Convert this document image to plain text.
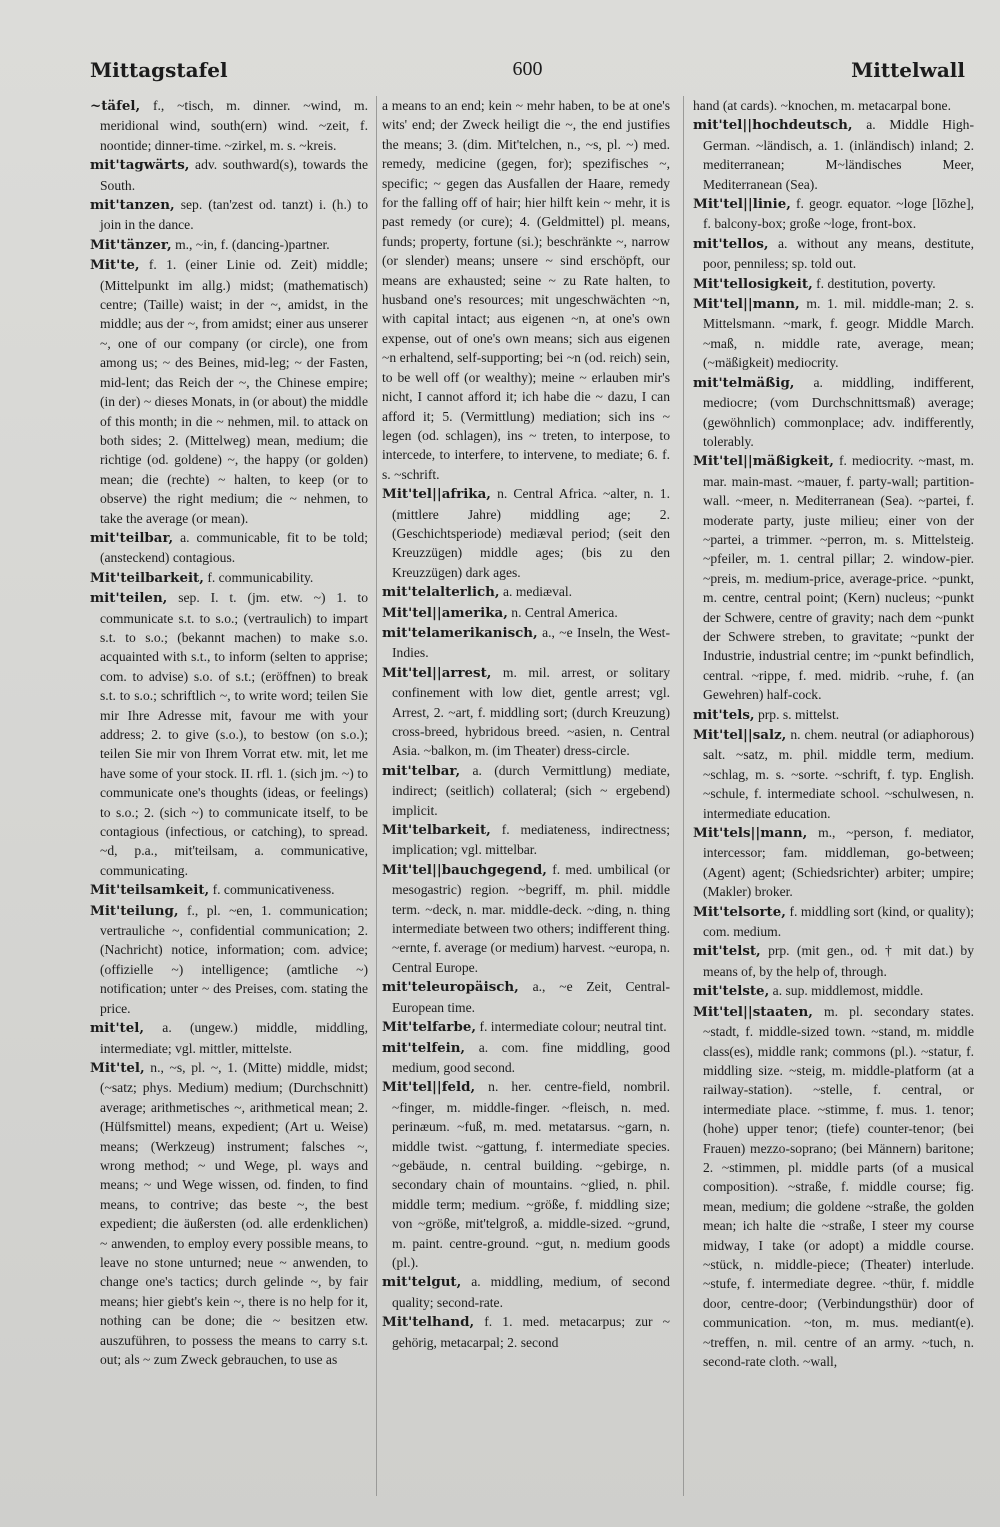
Mittagstafel	600	Mittelwall

~täfel, f., ~tisch, m. dinner. ~wind, m. meridional wind, south(ern) wind. ~zeit, f. noontide; dinner-time. ~zirkel, m. s. ~kreis.

mit'tagwärts, adv. southward(s), towards the South.

mit'tanzen, sep. (tan'zest od. tanzt) i. (h.) to join in the dance.

Mit'tänzer, m., ~in, f. (dancing-)partner.

Mit'te, f. 1. (einer Linie od. Zeit) middle; (Mittelpunkt im allg.) midst; (mathematisch) centre; (Taille) waist; in der ~, amidst, in the middle; aus der ~, from amidst; einer aus unserer ~, one of our company (or circle), one from among us; ~ des Beines, mid-leg; ~ der Fasten, mid-lent; das Reich der ~, the Chinese empire; (in der) ~ dieses Monats, in (or about) the middle of this month; in die ~ nehmen, mil. to attack on both sides; 2. (Mittelweg) mean, medium; die richtige (od. goldene) ~, the happy (or golden) mean; die (rechte) ~ halten, to keep (or to observe) the right medium; die ~ nehmen, to take the average (or mean).

mit'teilbar, a. communicable, fit to be told; (ansteckend) contagious.

Mit'teilbarkeit, f. communicability.

mit'teilen, sep. I. t. (jm. etw. ~) 1. to communicate s.t. to s.o.; (vertraulich) to impart s.t. to s.o.; (bekannt machen) to make s.o. acquainted with s.t., to inform (selten to apprise; com. to advise) s.o. of s.t.; (eröffnen) to break s.t. to s.o.; schriftlich ~, to write word; teilen Sie mir Ihre Adresse mit, favour me with your address; 2. to give (s.o.), to bestow (on s.o.); teilen Sie mir von Ihrem Vorrat etw. mit, let me have some of your stock. II. rfl. 1. (sich jm. ~) to communicate one's thoughts (ideas, or feelings) to s.o.; 2. (sich ~) to communicate itself, to be contagious (infectious, or catching), to spread. ~d, p.a., mit'teilsam, a. communicative, communicating.

Mit'teilsamkeit, f. communicativeness.

Mit'teilung, f., pl. ~en, 1. communication; vertrauliche ~, confidential communication; 2. (Nachricht) notice, information; com. advice; (offizielle ~) intelligence; (amtliche ~) notification; unter ~ des Preises, com. stating the price.

mit'tel, a. (ungew.) middle, middling, intermediate; vgl. mittler, mittelste.

Mit'tel, n., ~s, pl. ~, 1. (Mitte) middle, midst; (~satz; phys. Medium) medium; (Durchschnitt) average; arithmetisches ~, arithmetical mean; 2. (Hülfsmittel) means, expedient; (Art u. Weise) means; (Werkzeug) instrument; falsches ~, wrong method; ~ und Wege, pl. ways and means; ~ und Wege wissen, od. finden, to find means, to contrive; das beste ~, the best expedient; die äußersten (od. alle erdenklichen) ~ anwenden, to employ every possible means, to leave no stone unturned; neue ~ anwenden, to change one's tactics; durch gelinde ~, by fair means; hier giebt's kein ~, there is no help for it, nothing can be done; die ~ besitzen etw. auszuführen, to possess the means to carry s.t. out; als ~ zum Zweck gebrauchen, to use as

a means to an end; kein ~ mehr haben, to be at one's wits' end; der Zweck heiligt die ~, the end justifies the means; 3. (dim. Mit'telchen, n., ~s, pl. ~) med. remedy, medicine (gegen, for); spezifisches ~, specific; ~ gegen das Ausfallen der Haare, remedy for the falling off of hair; hier hilft kein ~ mehr, it is past remedy (or cure); 4. (Geldmittel) pl. means, funds; property, fortune (si.); beschränkte ~, narrow (or slender) means; unsere ~ sind erschöpft, our means are exhausted; seine ~ zu Rate halten, to husband one's resources; mit ungeschwächten ~n, with capital intact; aus eigenen ~n, at one's own expense, out of one's own means; sich aus eigenen ~n erhaltend, self-supporting; bei ~n (od. reich) sein, to be well off (or wealthy); meine ~ erlauben mir's nicht, I cannot afford it; ich habe die ~ dazu, I can afford it; 5. (Vermittlung) mediation; sich ins ~ legen (od. schlagen), ins ~ treten, to interpose, to intercede, to interfere, to intervene, to mediate; 6. f. s. ~schrift.

Mit'tel||afrika, n. Central Africa. ~alter, n. 1. (mittlere Jahre) middling age; 2. (Geschichtsperiode) mediæval period; (seit den Kreuzzügen) middle ages; (bis zu den Kreuzzügen) dark ages.

mit'telalterlich, a. mediæval.

Mit'tel||amerika, n. Central America.

mit'telamerikanisch, a., ~e Inseln, the West-Indies.

Mit'tel||arrest, m. mil. arrest, or solitary confinement with low diet, gentle arrest; vgl. Arrest, 2. ~art, f. middling sort; (durch Kreuzung) cross-breed, hybridous breed. ~asien, n. Central Asia. ~balkon, m. (im Theater) dress-circle.

mit'telbar, a. (durch Vermittlung) mediate, indirect; (seitlich) collateral; (sich ~ ergebend) implicit.

Mit'telbarkeit, f. mediateness, indirectness; implication; vgl. mittelbar.

Mit'tel||bauchgegend, f. med. umbilical (or mesogastric) region. ~begriff, m. phil. middle term. ~deck, n. mar. middle-deck. ~ding, n. thing intermediate between two others; indifferent thing. ~ernte, f. average (or medium) harvest. ~europa, n. Central Europe.

mit'teleuropäisch, a., ~e Zeit, Central-European time.

Mit'telfarbe, f. intermediate colour; neutral tint.

mit'telfein, a. com. fine middling, good medium, good second.

Mit'tel||feld, n. her. centre-field, nombril. ~finger, m. middle-finger. ~fleisch, n. med. perinæum. ~fuß, m. med. metatarsus. ~garn, n. middle twist. ~gattung, f. intermediate species. ~gebäude, n. central building. ~gebirge, n. secondary chain of mountains. ~glied, n. phil. middle term; medium. ~größe, f. middling size; von ~größe, mit'telgroß, a. middle-sized. ~grund, m. paint. centre-ground. ~gut, n. medium goods (pl.).

mit'telgut, a. middling, medium, of second quality; second-rate.

Mit'telhand, f. 1. med. metacarpus; zur ~ gehörig, metacarpal; 2. second

hand (at cards). ~knochen, m. metacarpal bone.

mit'tel||hochdeutsch, a. Middle High-German. ~ländisch, a. 1. (inländisch) inland; 2. mediterranean; M~ländisches Meer, Mediterranean (Sea).

Mit'tel||linie, f. geogr. equator. ~loge [lōzhe], f. balcony-box; große ~loge, front-box.

mit'tellos, a. without any means, destitute, poor, penniless; sp. told out.

Mit'tellosigkeit, f. destitution, poverty.

Mit'tel||mann, m. 1. mil. middle-man; 2. s. Mittelsmann. ~mark, f. geogr. Middle March. ~maß, n. middle rate, average, mean; (~mäßigkeit) mediocrity.

mit'telmäßig, a. middling, indifferent, mediocre; (vom Durchschnittsmaß) average; (gewöhnlich) commonplace; adv. indifferently, tolerably.

Mit'tel||mäßigkeit, f. mediocrity. ~mast, m. mar. main-mast. ~mauer, f. party-wall; partition-wall. ~meer, n. Mediterranean (Sea). ~partei, f. moderate party, juste milieu; einer von der ~partei, a trimmer. ~perron, m. s. Mittelsteig. ~pfeiler, m. 1. central pillar; 2. window-pier. ~preis, m. medium-price, average-price. ~punkt, m. centre, central point; (Kern) nucleus; ~punkt der Schwere, centre of gravity; nach dem ~punkt der Schwere streben, to gravitate; ~punkt der Industrie, industrial centre; im ~punkt befindlich, central. ~rippe, f. med. midrib. ~ruhe, f. (an Gewehren) half-cock.

mit'tels, prp. s. mittelst.

Mit'tel||salz, n. chem. neutral (or adiaphorous) salt. ~satz, m. phil. middle term, medium. ~schlag, m. s. ~sorte. ~schrift, f. typ. English. ~schule, f. intermediate school. ~schulwesen, n. intermediate education.

Mit'tels||mann, m., ~person, f. mediator, intercessor; fam. middleman, go-between; (Agent) agent; (Schiedsrichter) arbiter; umpire; (Makler) broker.

Mit'telsorte, f. middling sort (kind, or quality); com. medium.

mit'telst, prp. (mit gen., od. † mit dat.) by means of, by the help of, through.

mit'telste, a. sup. middlemost, middle.

Mit'tel||staaten, m. pl. secondary states. ~stadt, f. middle-sized town. ~stand, m. middle class(es), middle rank; commons (pl.). ~statur, f. middling size. ~steig, m. middle-platform (at a railway-station). ~stelle, f. central, or intermediate place. ~stimme, f. mus. 1. tenor; (hohe) upper tenor; (tiefe) counter-tenor; (bei Frauen) mezzo-soprano; (bei Männern) baritone; 2. ~stimmen, pl. middle parts (of a musical composition). ~straße, f. middle course; fig. mean, medium; die goldene ~straße, the golden mean; ich halte die ~straße, I steer my course midway, I take (or adopt) a middle course. ~stück, n. middle-piece; (Theater) interlude. ~stufe, f. intermediate degree. ~thür, f. middle door, centre-door; (Verbindungsthür) door of communication. ~ton, m. mus. mediant(e). ~treffen, n. mil. centre of an army. ~tuch, n. second-rate cloth. ~wall,
